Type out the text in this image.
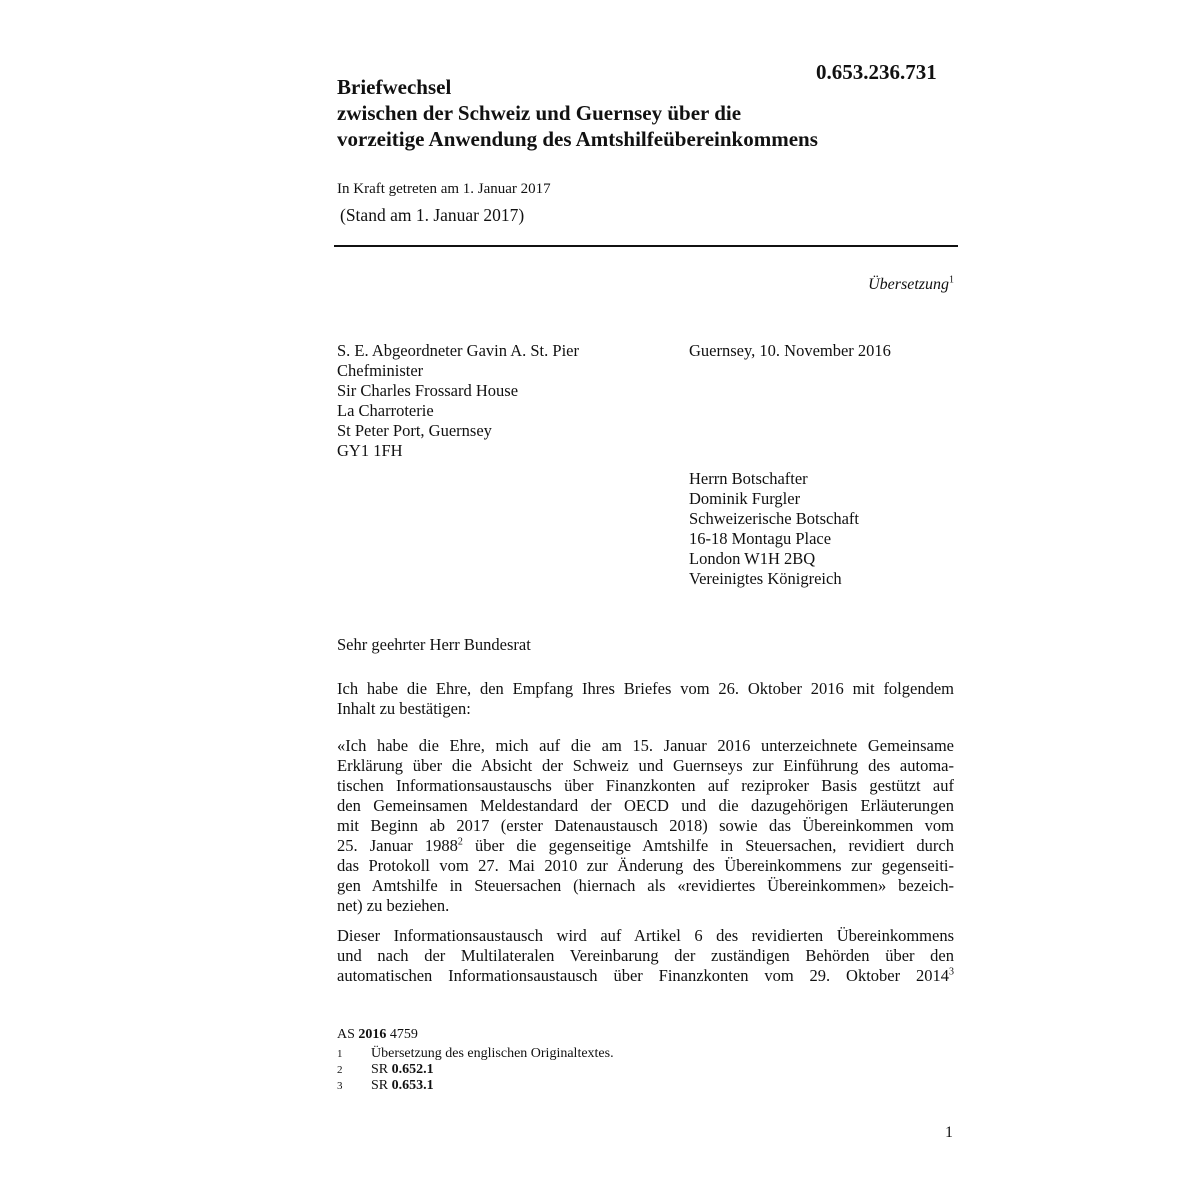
0.653.236.731
Briefwechsel
zwischen der Schweiz und Guernsey über die
vorzeitige Anwendung des Amtshilfeübereinkommens
In Kraft getreten am 1. Januar 2017
(Stand am 1. Januar 2017)
Übersetzung$^1$
S. E. Abgeordneter Gavin A. St. Pier
Chefminister
Sir Charles Frossard House
La Charroterie
St Peter Port, Guernsey
GY1 1FH
Guernsey, 10. November 2016
Herrn Botschafter
Dominik Furgler
Schweizerische Botschaft
16-18 Montagu Place
London W1H 2BQ
Vereinigtes Königreich
Sehr geehrter Herr Bundesrat
Ich habe die Ehre, den Empfang Ihres Briefes vom 26. Oktober 2016 mit folgendem
Inhalt zu bestätigen:
«Ich habe die Ehre, mich auf die am 15. Januar 2016 unterzeichnete Gemeinsame
Erklärung über die Absicht der Schweiz und Guernseys zur Einführung des automa-
tischen Informationsaustauschs über Finanzkonten auf reziproker Basis gestützt auf
den Gemeinsamen Meldestandard der OECD und die dazugehörigen Erläuterungen
mit Beginn ab 2017 (erster Datenaustausch 2018) sowie das Übereinkommen vom
25. Januar 1988$^2$ über die gegenseitige Amtshilfe in Steuersachen, revidiert durch
das Protokoll vom 27. Mai 2010 zur Änderung des Übereinkommens zur gegenseiti-
gen Amtshilfe in Steuersachen (hiernach als «revidiertes Übereinkommen» bezeich-
net) zu beziehen.
Dieser Informationsaustausch wird auf Artikel 6 des revidierten Übereinkommens
und nach der Multilateralen Vereinbarung der zuständigen Behörden über den
automatischen Informationsaustausch über Finanzkonten vom 29. Oktober 2014$^3$
AS 2016 4759
1 Übersetzung des englischen Originaltextes.
2 SR 0.652.1
3 SR 0.653.1
1
